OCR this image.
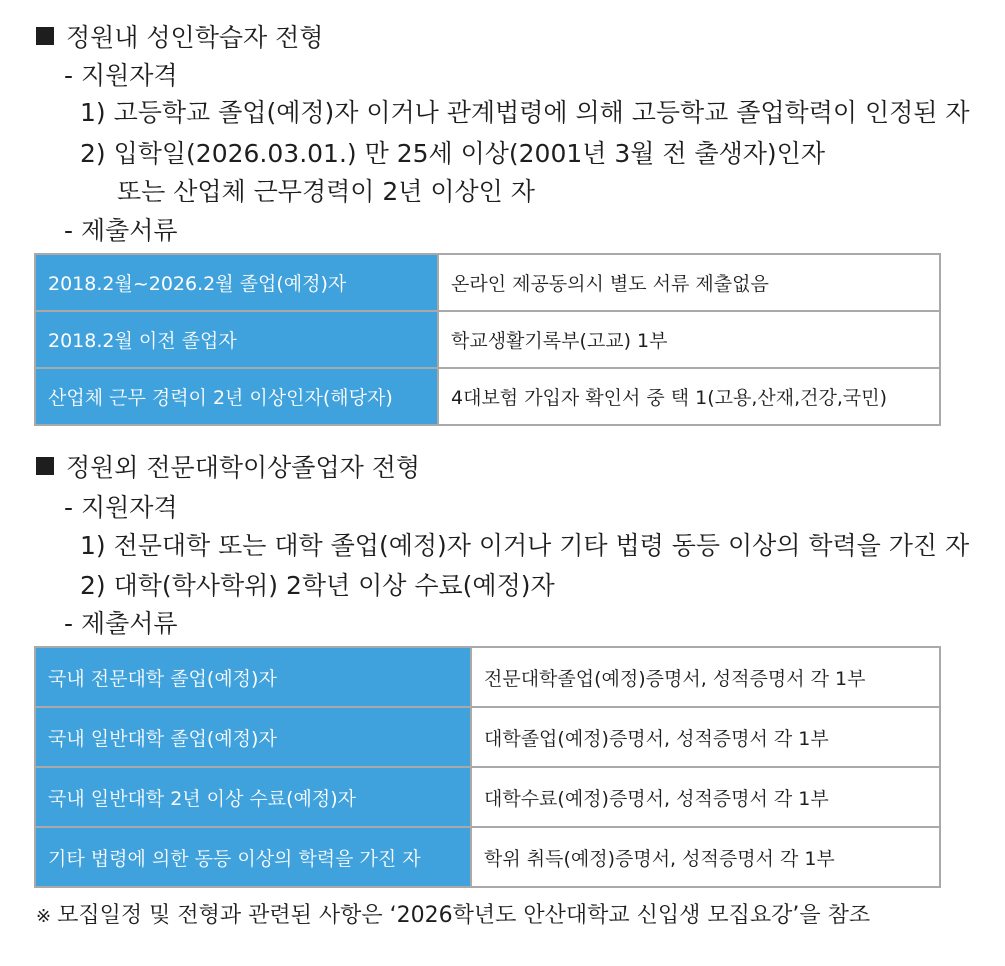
정원내 성인학습자 전형
- 지원자격
1) 고등학교 졸업(예정)자 이거나 관계법령에 의해 고등학교 졸업학력이 인정된 자
2) 입학일(2026.03.01.) 만 25세 이상(2001년 3월 전 출생자)인자
또는 산업체 근무경력이 2년 이상인 자
- 제출서류
2018.2월~2026.2월 졸업(예정)자	온라인 제공동의시 별도 서류 제출없음
2018.2월 이전 졸업자	학교생활기록부(고교) 1부
산업체 근무 경력이 2년 이상인자(해당자)	4대보험 가입자 확인서 중 택 1(고용,산재,건강,국민)
정원외 전문대학이상졸업자 전형
- 지원자격
1) 전문대학 또는 대학 졸업(예정)자 이거나 기타 법령 동등 이상의 학력을 가진 자
2) 대학(학사학위) 2학년 이상 수료(예정)자
- 제출서류
국내 전문대학 졸업(예정)자	전문대학졸업(예정)증명서, 성적증명서 각 1부
국내 일반대학 졸업(예정)자	대학졸업(예정)증명서, 성적증명서 각 1부
국내 일반대학 2년 이상 수료(예정)자	대학수료(예정)증명서, 성적증명서 각 1부
기타 법령에 의한 동등 이상의 학력을 가진 자	학위 취득(예정)증명서, 성적증명서 각 1부
※ 모집일정 및 전형과 관련된 사항은 ‘2026학년도 안산대학교 신입생 모집요강’을 참조
